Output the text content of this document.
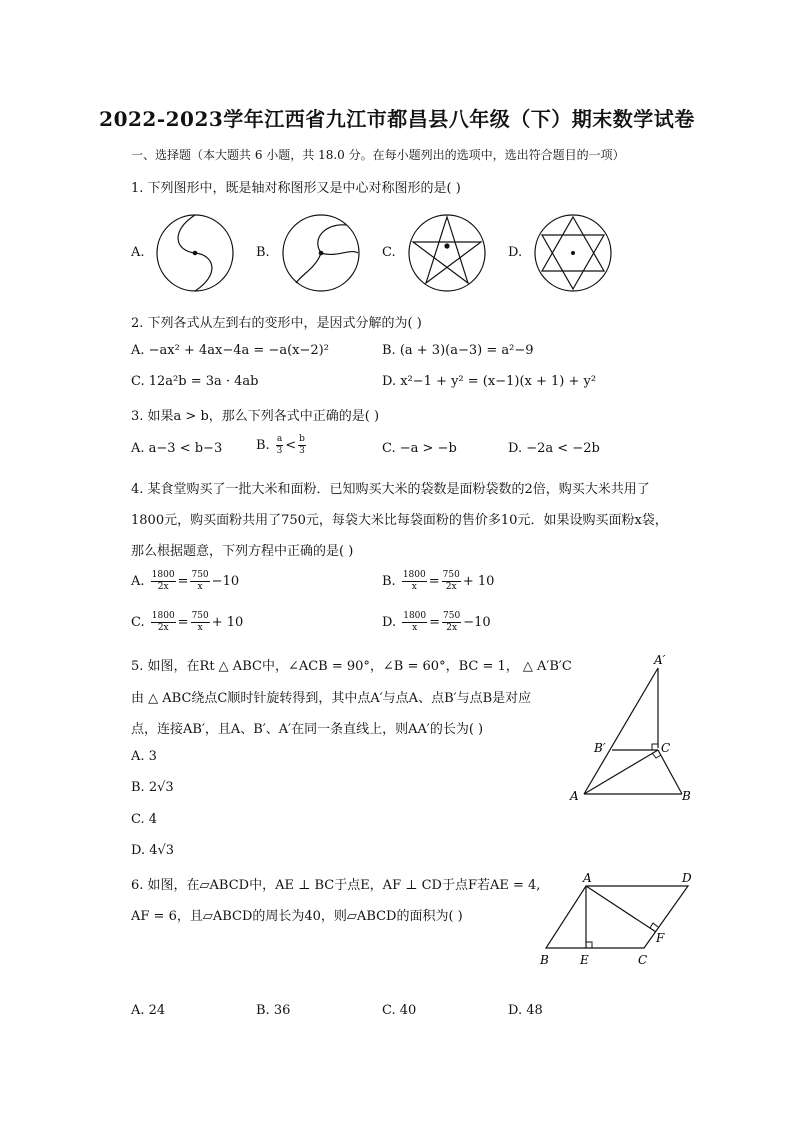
2022-2023学年江西省九江市都昌县八年级（下）期末数学试卷
一、选择题（本大题共 6 小题，共 18.0 分。在每小题列出的选项中，选出符合题目的一项）
1. 下列图形中，既是轴对称图形又是中心对称图形的是( )
A.	B.	C.	D.
2. 下列各式从左到右的变形中，是因式分解的为( )
A. −ax² + 4ax−4a = −a(x−2)²	B. (a + 3)(a−3) = a²−9
C. 12a²b = 3a · 4ab	D. x²−1 + y² = (x−1)(x + 1) + y²
3. 如果a > b，那么下列各式中正确的是( )
A. a−3 < b−3	B. $\frac{a}{3} < \frac{b}{3}$	C. −a > −b	D. −2a < −2b
4. 某食堂购买了一批大米和面粉．已知购买大米的袋数是面粉袋数的2倍，购买大米共用了
1800元，购买面粉共用了750元，每袋大米比每袋面粉的售价多10元．如果设购买面粉x袋，
那么根据题意，下列方程中正确的是( )
A. $\frac{1800}{2x} = \frac{750}{x} -10$	B. $\frac{1800}{x} = \frac{750}{2x} + 10$
C. $\frac{1800}{2x} = \frac{750}{x} + 10$	D. $\frac{1800}{x} = \frac{750}{2x} -10$
5. 如图，在Rt △ ABC中，∠ACB = 90°，∠B = 60°，BC = 1， △ A′B′C
由 △ ABC绕点C顺时针旋转得到，其中点A′与点A、点B′与点B是对应
点，连接AB′，且A、B′、A′在同一条直线上，则AA′的长为( )
A. 3
B. 2√3
C. 4
D. 4√3
A′
B′	C
A	B
6. 如图，在▱ABCD中，AE ⊥ BC于点E，AF ⊥ CD于点F若AE = 4,
AF = 6，且▱ABCD的周长为40，则▱ABCD的面积为( )
A	D
F
B	E	C
A. 24	B. 36	C. 40	D. 48
